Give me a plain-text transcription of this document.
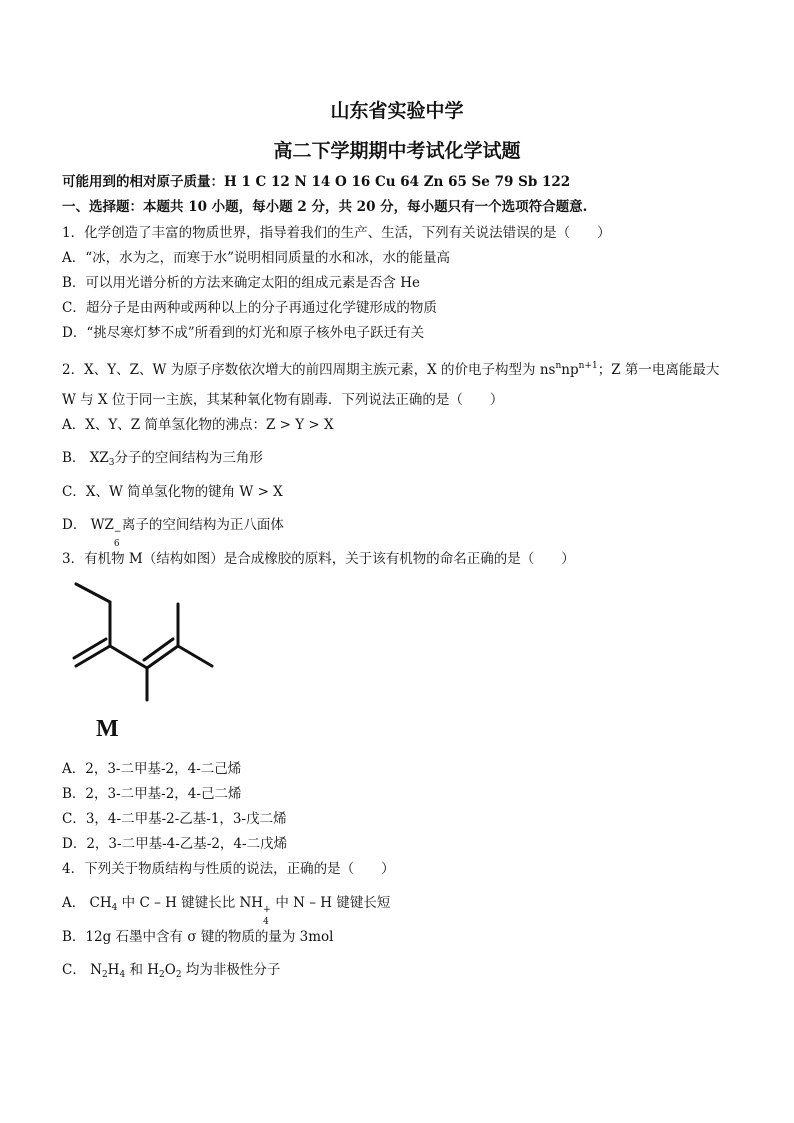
山东省实验中学
高二下学期期中考试化学试题
可能用到的相对原子质量：H 1 C 12 N 14 O 16 Cu 64 Zn 65 Se 79 Sb 122
一、选择题：本题共 10 小题，每小题 2 分，共 20 分，每小题只有一个选项符合题意.
1．化学创造了丰富的物质世界，指导着我们的生产、生活，下列有关说法错误的是（　　）
A．“冰，水为之，而寒于水”说明相同质量的水和冰，水的能量高
B．可以用光谱分析的方法来确定太阳的组成元素是否含 He
C．超分子是由两种或两种以上的分子再通过化学键形成的物质
D．“挑尽寒灯梦不成”所看到的灯光和原子核外电子跃迁有关
2．X、Y、Z、W 为原子序数依次增大的前四周期主族元素，X 的价电子构型为 $ns^nnp^{n+1}$；Z 第一电离能最大
W 与 X 位于同一主族，其某种氧化物有剧毒．下列说法正确的是（　　）
A．X、Y、Z 简单氢化物的沸点：Z > Y > X
B． $XZ_3$分子的空间结构为三角形
C．X、W 简单氢化物的键角 W > X
D． WZ −
6
离子的空间结构为正八面体
3．有机物 M（结构如图）是合成橡胶的原料，关于该有机物的命名正确的是（　　）
M
A．2，3-二甲基-2，4-二己烯
B．2，3-二甲基-2，4-己二烯
C．3，4-二甲基-2-乙基-1，3-戊二烯
D．2，3-二甲基-4-乙基-2，4-二戊烯
4．下列关于物质结构与性质的说法，正确的是（　　）
A． $CH_4$ 中 C – H 键键长比 NH +
4
中 N – H 键键长短
B．12g 石墨中含有 σ 键的物质的量为 3mol
C． $N_2H_4$ 和 $H_2O_2$ 均为非极性分子
